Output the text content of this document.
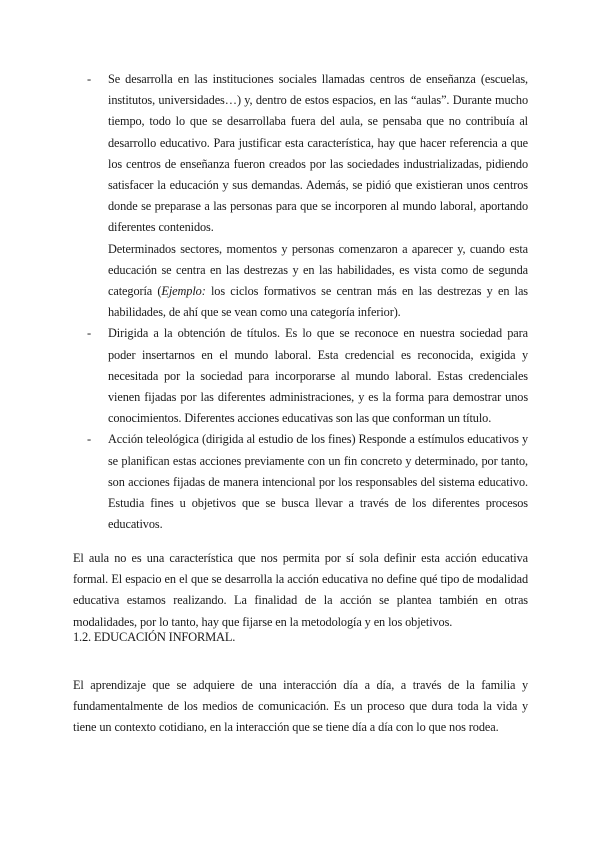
- Se desarrolla en las instituciones sociales llamadas centros de enseñanza (escuelas, institutos, universidades…) y, dentro de estos espacios, en las “aulas”. Durante mucho tiempo, todo lo que se desarrollaba fuera del aula, se pensaba que no contribuía al desarrollo educativo. Para justificar esta característica, hay que hacer referencia a que los centros de enseñanza fueron creados por las sociedades industrializadas, pidiendo satisfacer la educación y sus demandas. Además, se pidió que existieran unos centros donde se preparase a las personas para que se incorporen al mundo laboral, aportando diferentes contenidos.

Determinados sectores, momentos y personas comenzaron a aparecer y, cuando esta educación se centra en las destrezas y en las habilidades, es vista como de segunda categoría (Ejemplo: los ciclos formativos se centran más en las destrezas y en las habilidades, de ahí que se vean como una categoría inferior).

- Dirigida a la obtención de títulos. Es lo que se reconoce en nuestra sociedad para poder insertarnos en el mundo laboral. Esta credencial es reconocida, exigida y necesitada por la sociedad para incorporarse al mundo laboral. Estas credenciales vienen fijadas por las diferentes administraciones, y es la forma para demostrar unos conocimientos. Diferentes acciones educativas son las que conforman un título.

- Acción teleológica (dirigida al estudio de los fines) Responde a estímulos educativos y se planifican estas acciones previamente con un fin concreto y determinado, por tanto, son acciones fijadas de manera intencional por los responsables del sistema educativo. Estudia fines u objetivos que se busca llevar a través de los diferentes procesos educativos.

El aula no es una característica que nos permita por sí sola definir esta acción educativa formal. El espacio en el que se desarrolla la acción educativa no define qué tipo de modalidad educativa estamos realizando. La finalidad de la acción se plantea también en otras modalidades, por lo tanto, hay que fijarse en la metodología y en los objetivos.

1.2. EDUCACIÓN INFORMAL.

El aprendizaje que se adquiere de una interacción día a día, a través de la familia y fundamentalmente de los medios de comunicación. Es un proceso que dura toda la vida y tiene un contexto cotidiano, en la interacción que se tiene día a día con lo que nos rodea.
